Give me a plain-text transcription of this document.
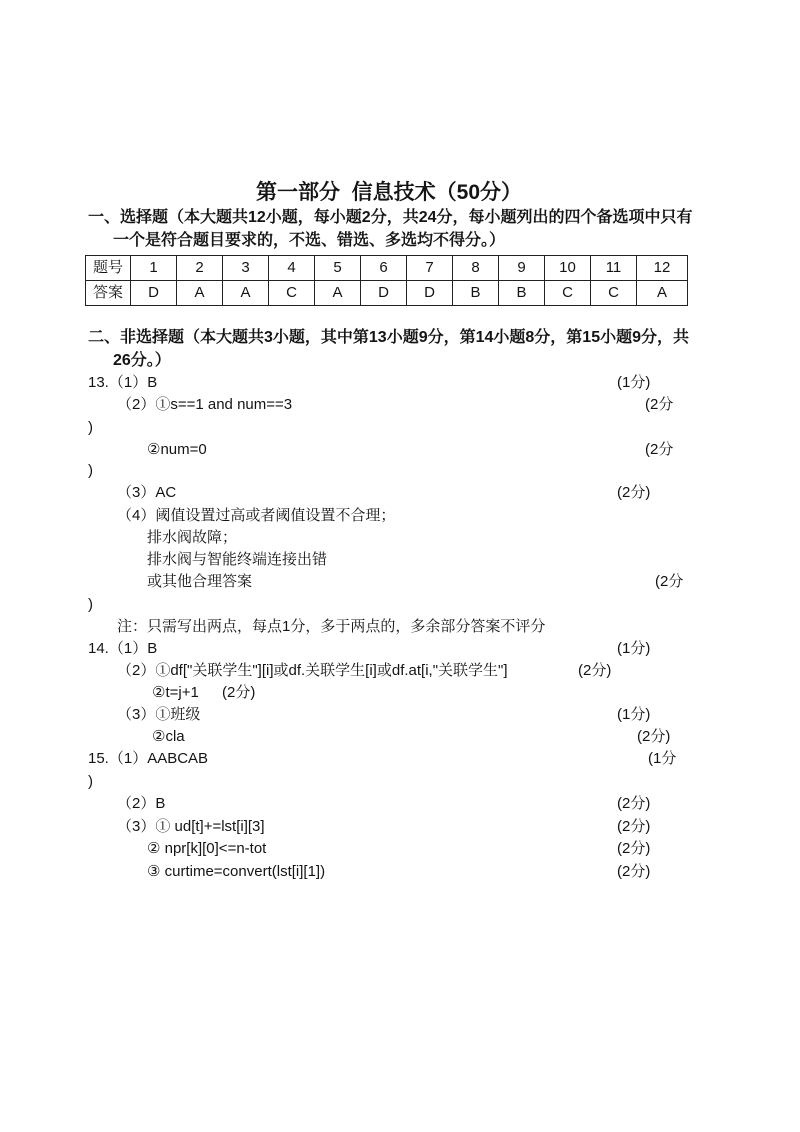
第一部分  信息技术（50分）
一、选择题（本大题共12小题，每小题2分，共24分，每小题列出的四个备选项中只有
一个是符合题目要求的，不选、错选、多选均不得分。）
题号	1	2	3	4	5	6	7	8	9	10	11	12
答案	D	A	A	C	A	D	D	B	B	C	C	A
二、非选择题（本大题共3小题，其中第13小题9分，第14小题8分，第15小题9分，共
26分。）
13.（1）B	(1分)
（2）①s==1 and num==3	(2分
)
②num=0	(2分
)
（3）AC	(2分)
（4）阈值设置过高或者阈值设置不合理；
排水阀故障；
排水阀与智能终端连接出错
或其他合理答案	(2分
)
注：只需写出两点，每点1分，多于两点的，多余部分答案不评分
14.（1）B	(1分)
（2）①df["关联学生"][i]或df.关联学生[i]或df.at[i,"关联学生"]	(2分)
②t=j+1 (2分)
（3）①班级	(1分)
②cla	(2分)
15.（1）AABCAB	(1分
)
（2）B	(2分)
（3）① ud[t]+=lst[i][3]	(2分)
② npr[k][0]<=n-tot	(2分)
③ curtime=convert(lst[i][1])	(2分)
